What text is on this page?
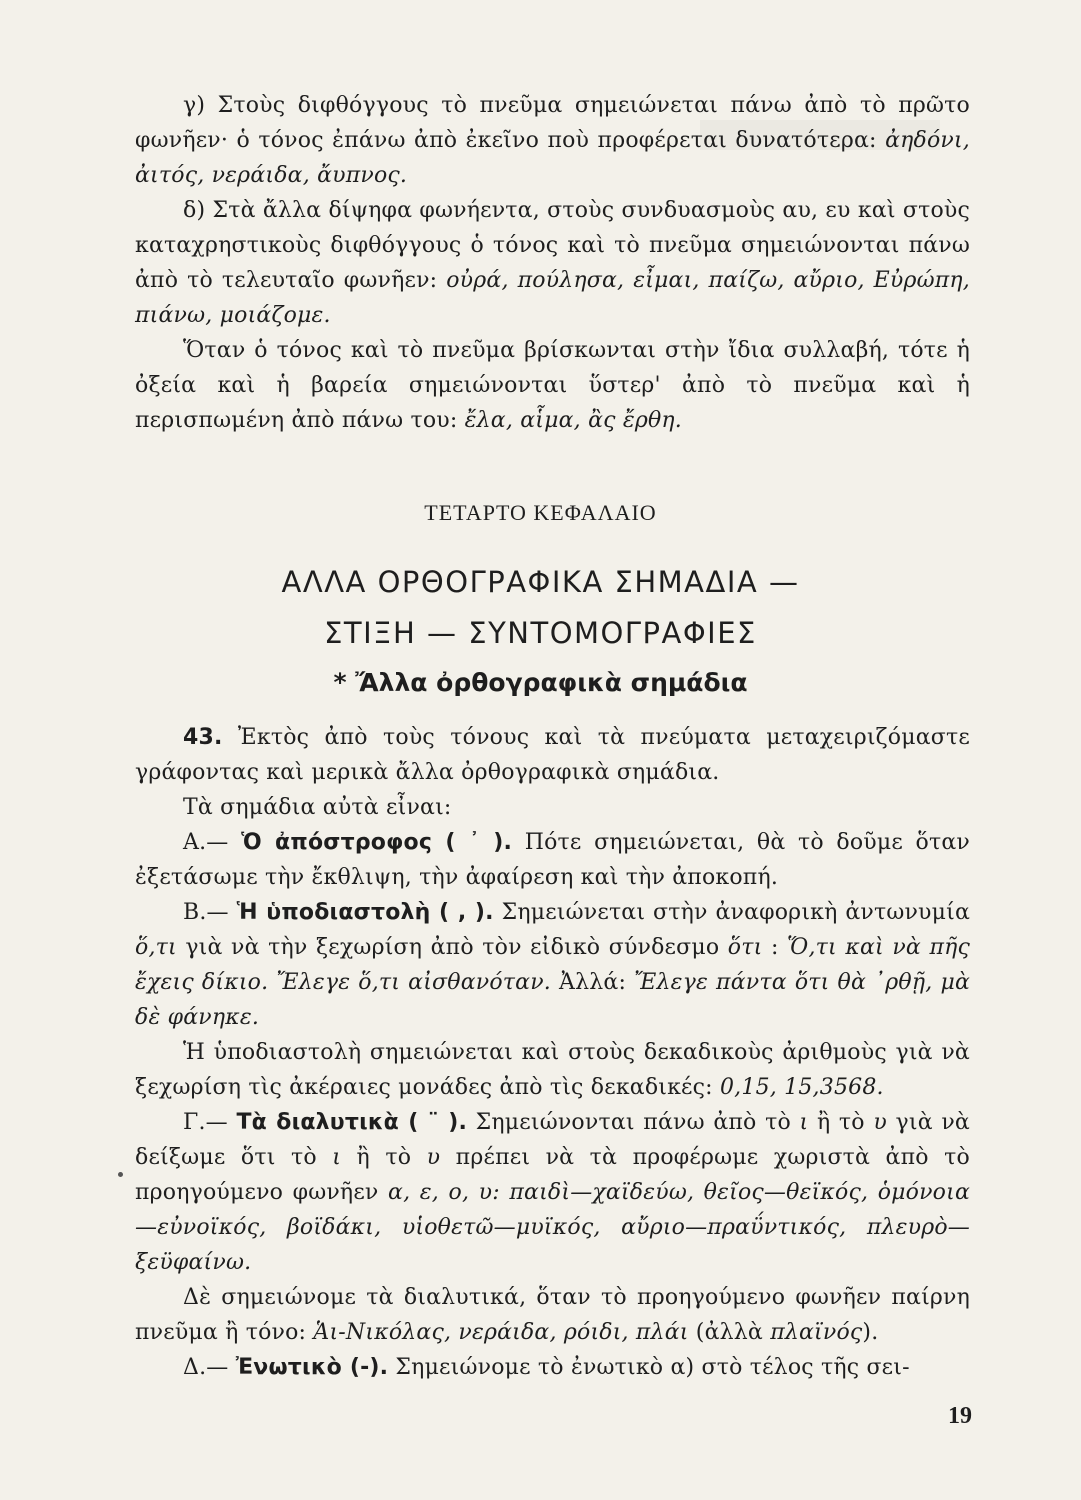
γ) Στοὺς διφθόγγους τὸ πνεῦμα σημειώνεται πάνω ἀπὸ τὸ πρῶτο φωνῆεν· ὁ τόνος ἐπάνω ἀπὸ ἐκεῖνο ποὺ προφέρεται δυνατότερα: ἀηδόνι, ἀιτός, νεράιδα, ἄυπνος.

δ) Στὰ ἄλλα δίψηφα φωνήεντα, στοὺς συνδυασμοὺς αυ, ευ καὶ στοὺς καταχρηστικοὺς διφθόγγους ὁ τόνος καὶ τὸ πνεῦμα σημειώνονται πάνω ἀπὸ τὸ τελευταῖο φωνῆεν: οὐρά, πούλησα, εἶμαι, παίζω, αὔριο, Εὐρώπη, πιάνω, μοιάζομε.

Ὅταν ὁ τόνος καὶ τὸ πνεῦμα βρίσκωνται στὴν ἴδια συλλαβή, τότε ἡ ὀξεία καὶ ἡ βαρεία σημειώνονται ὕστερ' ἀπὸ τὸ πνεῦμα καὶ ἡ περισπωμένη ἀπὸ πάνω του: ἔλα, αἷμα, ἂς ἔρθη.

ΤΕΤΑΡΤΟ ΚΕΦΑΛΑΙΟ
ΑΛΛΑ ΟΡΘΟΓΡΑΦΙΚΑ ΣΗΜΑΔΙΑ —
ΣΤΙΞΗ — ΣΥΝΤΟΜΟΓΡΑΦΙΕΣ
* Ἄλλα ὀρθογραφικὰ σημάδια

43. Ἐκτὸς ἀπὸ τοὺς τόνους καὶ τὰ πνεύματα μεταχειριζόμαστε γράφοντας καὶ μερικὰ ἄλλα ὀρθογραφικὰ σημάδια.

Τὰ σημάδια αὐτὰ εἶναι:

Α.— Ὁ ἀπόστροφος ( ᾿ ). Πότε σημειώνεται, θὰ τὸ δοῦμε ὅταν ἐξετάσωμε τὴν ἔκθλιψη, τὴν ἀφαίρεση καὶ τὴν ἀποκοπή.

Β.— Ἡ ὑποδιαστολὴ ( , ). Σημειώνεται στὴν ἀναφορικὴ ἀντωνυμία ὅ,τι γιὰ νὰ τὴν ξεχωρίση ἀπὸ τὸν εἰδικὸ σύνδεσμο ὅτι : Ὅ,τι καὶ νὰ πῆς ἔχεις δίκιο. Ἔλεγε ὅ,τι αἰσθανόταν. Ἀλλά: Ἔλεγε πάντα ὅτι θὰ ᾿ρθῇ, μὰ δὲ φάνηκε.

Ἡ ὑποδιαστολὴ σημειώνεται καὶ στοὺς δεκαδικοὺς ἀριθμοὺς γιὰ νὰ ξεχωρίση τὶς ἀκέραιες μονάδες ἀπὸ τὶς δεκαδικές: 0,15, 15,3568.

Γ.— Τὰ διαλυτικὰ ( ¨ ). Σημειώνονται πάνω ἀπὸ τὸ ι ἢ τὸ υ γιὰ νὰ δείξωμε ὅτι τὸ ι ἢ τὸ υ πρέπει νὰ τὰ προφέρωμε χωριστὰ ἀπὸ τὸ προηγούμενο φωνῆεν α, ε, ο, υ: παιδὶ—χαϊδεύω, θεῖος—θεϊκός, ὁμόνοια—εὐνοϊκός, βοϊδάκι, υἱοθετῶ—μυϊκός, αὔριο—πραΰντικός, πλευρὸ—ξεϋφαίνω.

Δὲ σημειώνομε τὰ διαλυτικά, ὅταν τὸ προηγούμενο φωνῆεν παίρνη πνεῦμα ἢ τόνο: Ἁι-Νικόλας, νεράιδα, ρόιδι, πλάι (ἀλλὰ πλαϊνός).

Δ.— Ἐνωτικὸ (-). Σημειώνομε τὸ ἐνωτικὸ α) στὸ τέλος τῆς σει-

19
